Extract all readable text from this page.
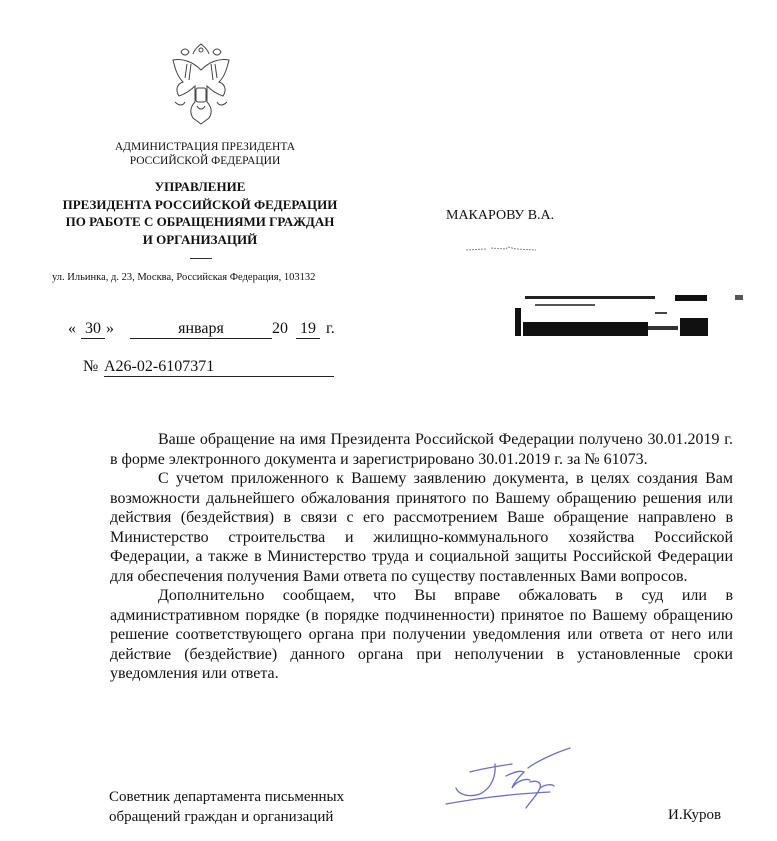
АДМИНИСТРАЦИЯ ПРЕЗИДЕНТА
РОССИЙСКОЙ ФЕДЕРАЦИИ
УПРАВЛЕНИЕ
ПРЕЗИДЕНТА РОССИЙСКОЙ ФЕДЕРАЦИИ
ПО РАБОТЕ С ОБРАЩЕНИЯМИ ГРАЖДАН
И ОРГАНИЗАЦИЙ
ул. Ильинка, д. 23, Москва, Российская Федерация, 103132
МАКАРОВУ В.А.
« 30 »	января	20 19 г.
№ А26-02-6107371

Ваше обращение на имя Президента Российской Федерации получено 30.01.2019 г. в форме электронного документа и зарегистрировано 30.01.2019 г. за № 61073.

С учетом приложенного к Вашему заявлению документа, в целях создания Вам возможности дальнейшего обжалования принятого по Вашему обращению решения или действия (бездействия) в связи с его рассмотрением Ваше обращение направлено в Министерство строительства и жилищно-коммунального хозяйства Российской Федерации, а также в Министерство труда и социальной защиты Российской Федерации для обеспечения получения Вами ответа по существу поставленных Вами вопросов.

Дополнительно сообщаем, что Вы вправе обжаловать в суд или в административном порядке (в порядке подчиненности) принятое по Вашему обращению решение соответствующего органа при получении уведомления или ответа от него или действие (бездействие) данного органа при неполучении в установленные сроки уведомления или ответа.

Советник департамента письменных
обращений граждан и организаций	И.Куров
